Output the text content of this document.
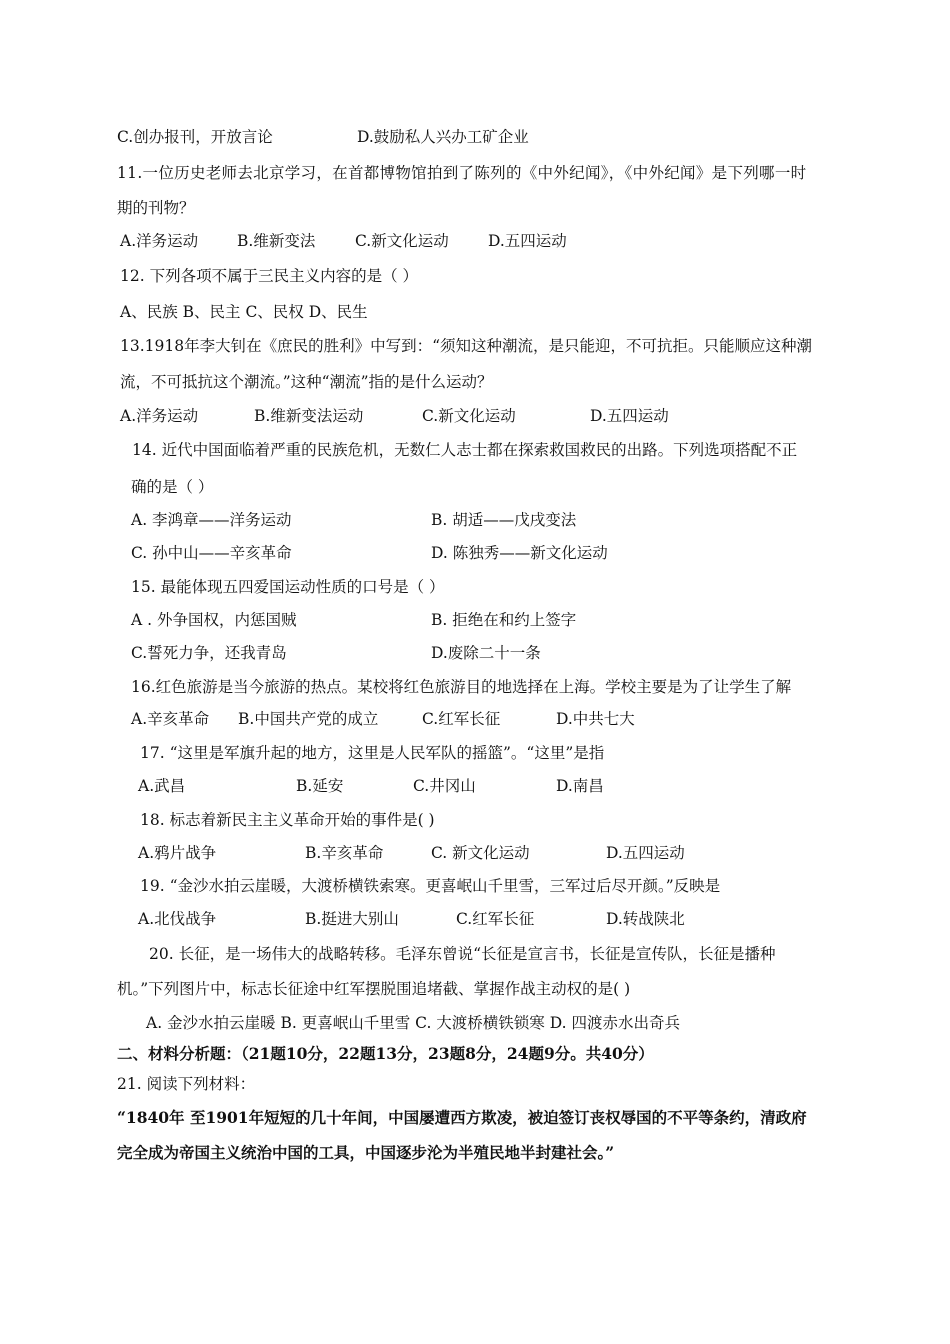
C.创办报刊，开放言论	D.鼓励私人兴办工矿企业
11.一位历史老师去北京学习，在首都博物馆拍到了陈列的《中外纪闻》，《中外纪闻》是下列哪一时
期的刊物？
A.洋务运动	B.维新变法	C.新文化运动	D.五四运动
12. 下列各项不属于三民主义内容的是（ ）
A、民族 B、民主 C、民权 D、民生
13.1918年李大钊在《庶民的胜利》中写到：“须知这种潮流，是只能迎，不可抗拒。只能顺应这种潮
流，不可抵抗这个潮流。”这种“潮流”指的是什么运动？
A.洋务运动	B.维新变法运动	C.新文化运动	D.五四运动
14. 近代中国面临着严重的民族危机，无数仁人志士都在探索救国救民的出路。下列选项搭配不正
确的是（ ）
A. 李鸿章——洋务运动	B. 胡适——戊戌变法
C. 孙中山——辛亥革命	D. 陈独秀——新文化运动
15. 最能体现五四爱国运动性质的口号是（ ）
A . 外争国权，内惩国贼	B. 拒绝在和约上签字
C.誓死力争，还我青岛	D.废除二十一条
16.红色旅游是当今旅游的热点。某校将红色旅游目的地选择在上海。学校主要是为了让学生了解
A.辛亥革命 B.中国共产党的成立	C.红军长征	D.中共七大
17. “这里是军旗升起的地方，这里是人民军队的摇篮”。“这里”是指
A.武昌	B.延安	C.井冈山	D.南昌
18. 标志着新民主主义革命开始的事件是( )
A.鸦片战争	B.辛亥革命	C. 新文化运动	D.五四运动
19. “金沙水拍云崖暖，大渡桥横铁索寒。更喜岷山千里雪，三军过后尽开颜。”反映是
A.北伐战争	B.挺进大别山	C.红军长征	D.转战陕北
20. 长征，是一场伟大的战略转移。毛泽东曾说“长征是宣言书，长征是宣传队，长征是播种
机。”下列图片中，标志长征途中红军摆脱围追堵截、掌握作战主动权的是( )
A. 金沙水拍云崖暖 B. 更喜岷山千里雪 C. 大渡桥横铁锁寒 D. 四渡赤水出奇兵
二、材料分析题：（21题10分，22题13分，23题8分，24题9分。共40分）
21. 阅读下列材料：
“1840年 至1901年短短的几十年间，中国屡遭西方欺凌，被迫签订丧权辱国的不平等条约，清政府
完全成为帝国主义统治中国的工具，中国逐步沦为半殖民地半封建社会。”
